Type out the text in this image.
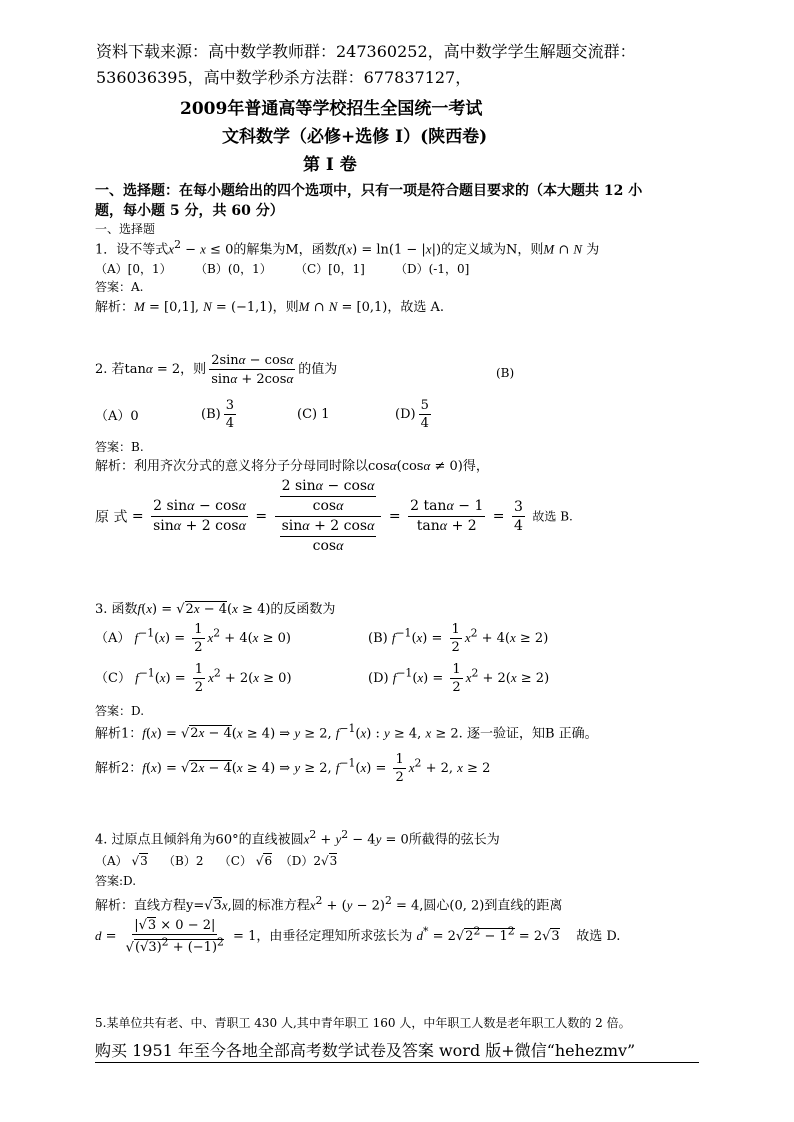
资料下载来源：高中数学教师群：247360252，高中数学学生解题交流群：
536036395，高中数学秒杀方法群：677837127，
2009年普通高等学校招生全国统一考试
文科数学（必修+选修 I）(陕西卷)
第 I 卷
一、选择题：在每小题给出的四个选项中，只有一项是符合题目要求的（本大题共 12 小
题，每小题 5 分，共 60 分）
一、选择题
1．设不等式$x^2 - x \le 0$的解集为M，函数f(x) = ln(1 − |x|)的定义域为N，则M ∩ N 为
（A）[0，1） （B）(0，1） （C）[0，1]	（D）(-1，0]
答案：A.
解析：M = [0,1], N = (−1,1)，则M ∩ N = [0,1)，故选 A.
2. 若tanα = 2，则 $\frac{2\sin\alpha - \cos\alpha}{\sin\alpha + 2\cos\alpha}$ 的值为	(B)
（A）0	$(B) \frac{3}{4}$	(C) 1	$(D) \frac{5}{4}$
答案：B.
解析：利用齐次分式的意义将分子分母同时除以cosα(cosα ≠ 0)得，
原 式 = $\frac{2 \sin\alpha - \cos\alpha}{\sin\alpha + 2 \cos\alpha} = \frac{\frac{2 \sin\alpha - \cos\alpha}{\cos\alpha}}{\frac{\sin\alpha + 2 \cos\alpha}{\cos\alpha}} = \frac{2 \tan\alpha - 1}{\tan\alpha + 2} = \frac{3}{4}$ 故选 B.
3. 函数f(x) = √2x − 4(x ≥ 4)的反函数为
（A） $f^{-1}(x) = \frac{1}{2} x^2 + 4(x \ge 0)$	(B) $f^{-1}(x) = \frac{1}{2} x^2 + 4(x \ge 2)$
（C） $f^{-1}(x) = \frac{1}{2} x^2 + 2(x \ge 0)$	(D) $f^{-1}(x) = \frac{1}{2} x^2 + 2(x \ge 2)$
答案：D.
解析1：f(x) = √2x − 4(x ≥ 4) ⇒ y ≥ 2, $f^{-1}(x)$ : y ≥ 4, x ≥ 2. 逐一验证，知B 正确。
解析2：f(x) = √2x − 4(x ≥ 4) ⇒ y ≥ 2, $f^{-1}(x) = \frac{1}{2} x^2 + 2$, x ≥ 2
4. 过原点且倾斜角为60°的直线被圆$x^2 + y^2 - 4y = 0$所截得的弦长为
（A） √3 （B）2 （C） √6 （D）2√3
答案:D.
解析：直线方程y=√3x,圆的标准方程$x^2 + (y - 2)^2 = 4$,圆心(0, 2)到直线的距离
$d = \frac{|√3 \times 0 - 2|}{√(√3)^2 + (-1)^2} = 1$，由垂径定理知所求弦长为 $d^* = 2√2^2 - 1^2 = 2√3$ 故选 D.
5.某单位共有老、中、青职工 430 人,其中青年职工 160 人，中年职工人数是老年职工人数的 2 倍。
购买 1951 年至今各地全部高考数学试卷及答案 word 版+微信“hehezmv”
